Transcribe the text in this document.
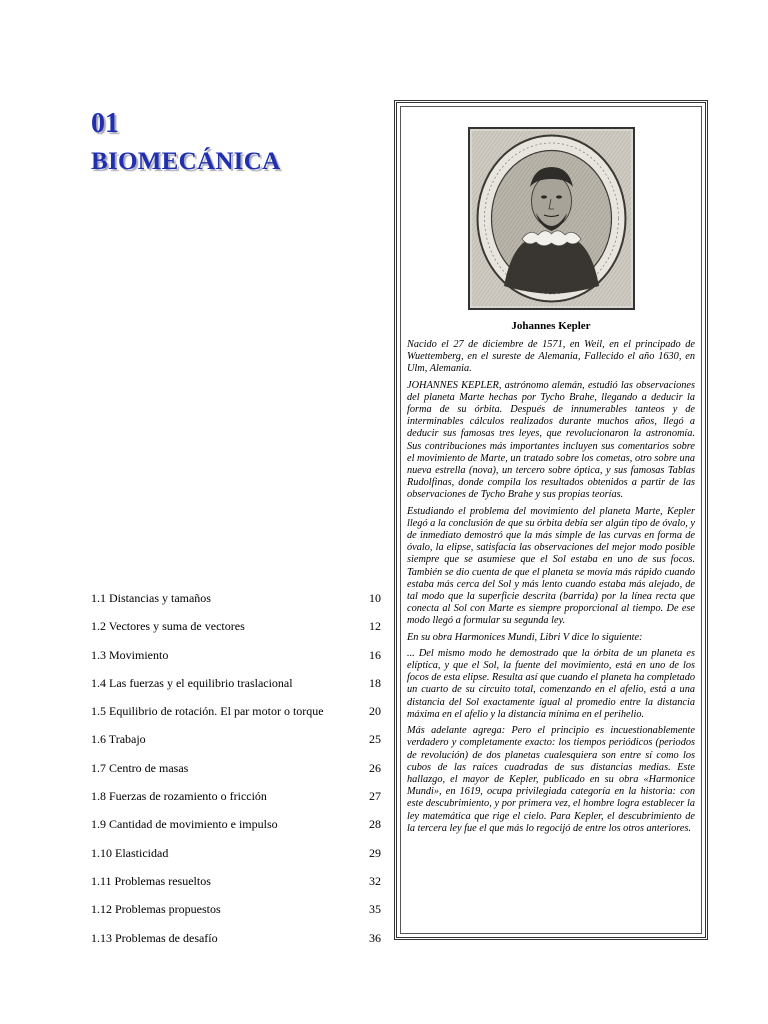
01
BIOMECÁNICA
1.1 Distancias y tamaños	10
1.2 Vectores y suma de vectores	12
1.3 Movimiento	16
1.4 Las fuerzas y el equilibrio traslacional	18
1.5 Equilibrio de rotación. El par motor o torque	20
1.6 Trabajo	25
1.7 Centro de masas	26
1.8 Fuerzas de rozamiento o fricción	27
1.9 Cantidad de movimiento e impulso	28
1.10 Elasticidad	29
1.11 Problemas resueltos	32
1.12 Problemas propuestos	35
1.13 Problemas de desafío	36
Johannes Kepler

Nacido el 27 de diciembre de 1571, en Weil, en el principado de Wuettemberg, en el sureste de Alemania, Fallecido el año 1630, en Ulm, Alemania.

JOHANNES KEPLER, astrónomo alemán, estudió las observaciones del planeta Marte hechas por Tycho Brahe, llegando a deducir la forma de su órbita. Después de innumerables tanteos y de interminables cálculos realizados durante muchos años, llegó a deducir sus famosas tres leyes, que revolucionaron la astronomía. Sus contribuciones más importantes incluyen sus comentarios sobre el movimiento de Marte, un tratado sobre los cometas, otro sobre una nueva estrella (nova), un tercero sobre óptica, y sus famosas Tablas Rudolfinas, donde compila los resultados obtenidos a partir de las observaciones de Tycho Brahe y sus propias teorías.

Estudiando el problema del movimiento del planeta Marte, Kepler llegó a la conclusión de que su órbita debía ser algún tipo de óvalo, y de inmediato demostró que la más simple de las curvas en forma de óvalo, la elipse, satisfacía las observaciones del mejor modo posible siempre que se asumiese que el Sol estaba en uno de sus focos. También se dio cuenta de que el planeta se movía más rápido cuando estaba más cerca del Sol y más lento cuando estaba más alejado, de tal modo que la superficie descrita (barrida) por la línea recta que conecta al Sol con Marte es siempre proporcional al tiempo. De ese modo llegó a formular su segunda ley.

En su obra Harmonices Mundi, Libri V dice lo siguiente:

... Del mismo modo he demostrado que la órbita de un planeta es elíptica, y que el Sol, la fuente del movimiento, está en uno de los focos de esta elipse. Resulta así que cuando el planeta ha completado un cuarto de su circuito total, comenzando en el afelio, está a una distancia del Sol exactamente igual al promedio entre la distancia máxima en el afelio y la distancia mínima en el perihelio.

Más adelante agrega: Pero el principio es incuestionablemente verdadero y completamente exacto: los tiempos periódicos (periodos de revolución) de dos planetas cualesquiera son entre sí como los cubos de las raíces cuadradas de sus distancias medias. Este hallazgo, el mayor de Kepler, publicado en su obra «Harmonice Mundi», en 1619, ocupa privilegiada categoría en la historia: con este descubrimiento, y por primera vez, el hombre logra establecer la ley matemática que rige el cielo. Para Kepler, el descubrimiento de la tercera ley fue el que más lo regocijó de entre los otros anteriores.
